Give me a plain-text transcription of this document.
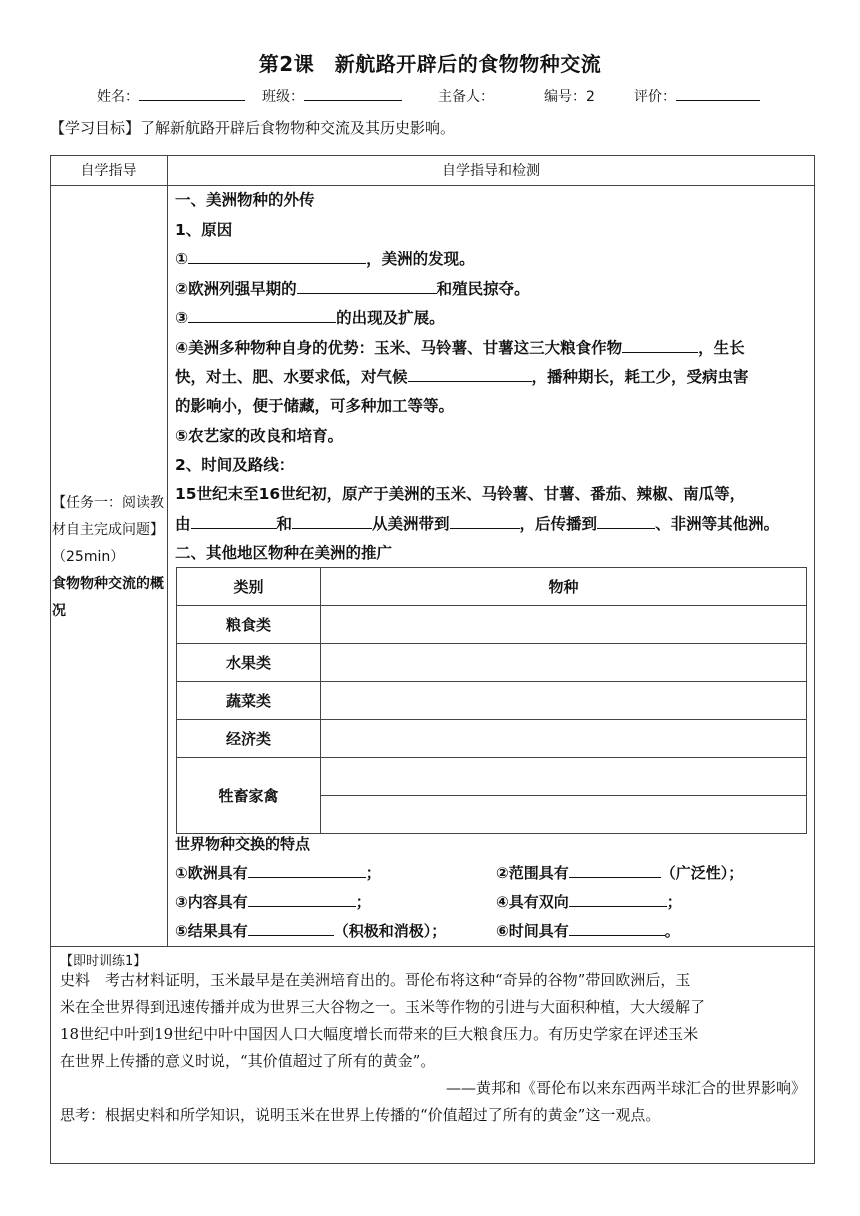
第2课　新航路开辟后的食物物种交流
姓名：	班级：	主备人：	编号：2	评价：
【学习目标】了解新航路开辟后食物物种交流及其历史影响。
自学指导	自学指导和检测
【任务一：阅读教材自主完成问题】（25min）
食物物种交流的概况
一、美洲物种的外传
1、原因
①	，美洲的发现。
②欧洲列强早期的	和殖民掠夺。
③	的出现及扩展。
④美洲多种物种自身的优势：玉米、马铃薯、甘薯这三大粮食作物	，生长
快，对土、肥、水要求低，对气候	，播种期长，耗工少，受病虫害
的影响小，便于储藏，可多种加工等等。
⑤农艺家的改良和培育。
2、时间及路线：
15世纪末至16世纪初，原产于美洲的玉米、马铃薯、甘薯、番茄、辣椒、南瓜等，
由	和	从美洲带到	，后传播到	、非洲等其他洲。
二、其他地区物种在美洲的推广
类别	物种
粮食类	
水果类	
蔬菜类	
经济类	
牲畜家禽	

世界物种交换的特点
①欧洲具有	；	②范围具有	（广泛性）；
③内容具有	；	④具有双向	；
⑤结果具有	（积极和消极）；	⑥时间具有	。
【即时训练1】
史料　考古材料证明，玉米最早是在美洲培育出的。哥伦布将这种“奇异的谷物”带回欧洲后，玉
米在全世界得到迅速传播并成为世界三大谷物之一。玉米等作物的引进与大面积种植，大大缓解了
18世纪中叶到19世纪中叶中国因人口大幅度增长而带来的巨大粮食压力。有历史学家在评述玉米
在世界上传播的意义时说，“其价值超过了所有的黄金”。
——黄邦和《哥伦布以来东西两半球汇合的世界影响》
思考：根据史料和所学知识，说明玉米在世界上传播的“价值超过了所有的黄金”这一观点。
